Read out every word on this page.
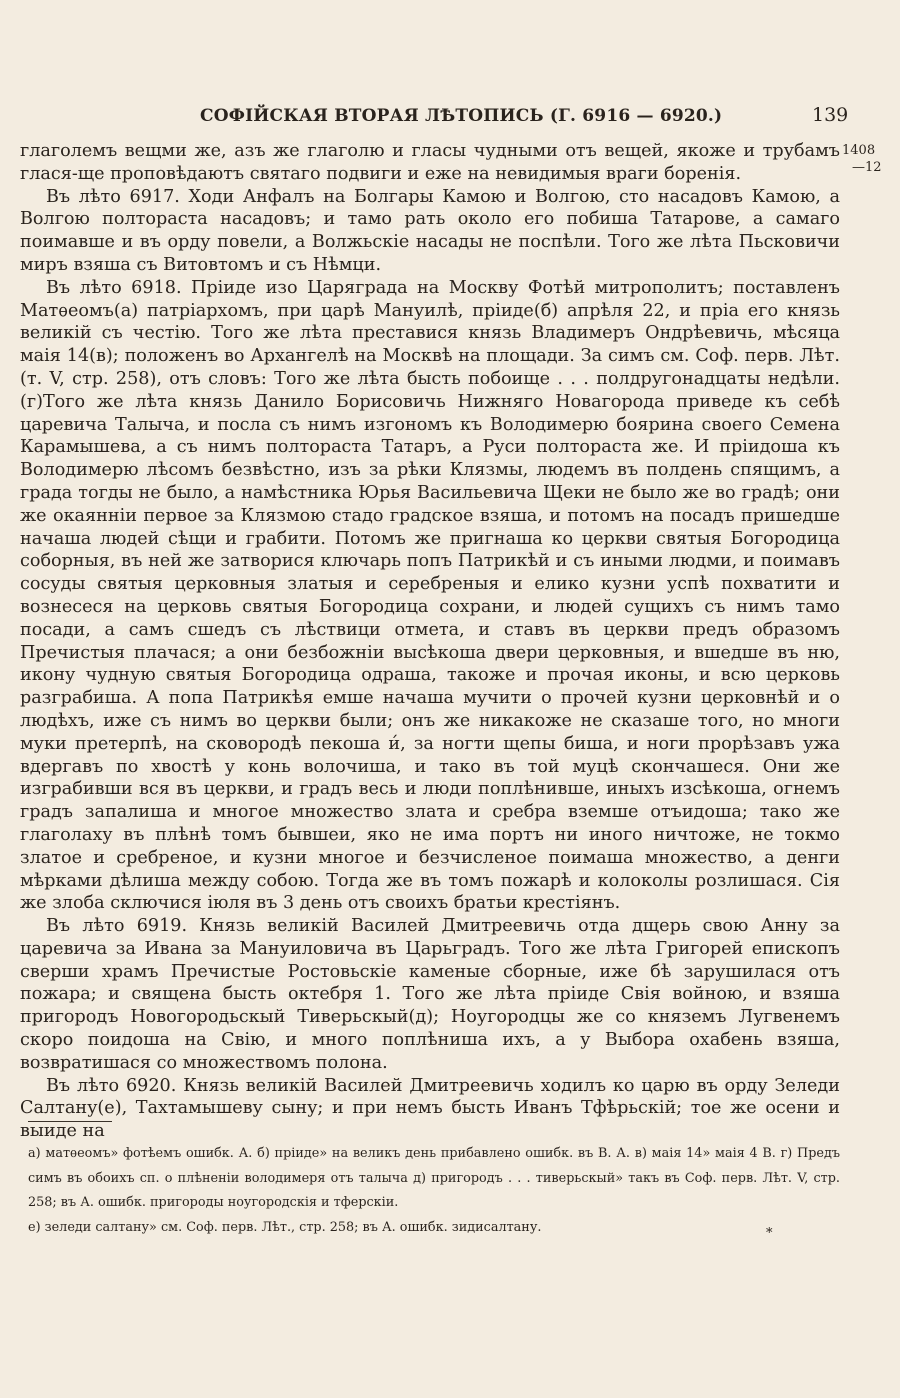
СОФІЙСКАЯ ВТОРАЯ ЛѢТОПИСЬ (Г. 6916 — 6920.)	139
1408
—12

глаголемъ вещми же, азъ же глаголю и гласы чудными отъ вещей, якоже и трубамъ глася-щe проповѣдаютъ святаго подвиги и еже на невидимыя враги боренія.

Въ лѣто 6917. Ходи Анфалъ на Болгары Камою и Волгою, сто насадовъ Камою, а Волгою полтораста насадовъ; и тамо рать около его побиша Татарове, а самаго поимавше и въ орду повели, а Волжьскіе насады не поспѣли. Того же лѣта Пьсковичи миръ взяша съ Витовтомъ и съ Нѣмци.

Въ лѣто 6918. Пріиде изо Царяграда на Москву Фотѣй митрополитъ; поставленъ Матѳеомъ(а) патріархомъ, при царѣ Мануилѣ, пріиде(б) апрѣля 22, и пріа его князь великій съ честію. Того же лѣта преставися князь Владимеръ Ондрѣевичь, мѣсяца маія 14(в); положенъ во Архангелѣ на Москвѣ на площади. За симъ см. Соф. перв. Лѣт. (т. V, стр. 258), отъ словъ: Того же лѣта бысть побоище . . . полдругонадцаты недѣли. (г)Того же лѣта князь Данило Борисовичь Нижняго Новагорода приведе къ себѣ царевича Талыча, и посла съ нимъ изгономъ къ Володимерю боярина своего Семена Карамышева, а съ нимъ полтораста Татаръ, а Руси полтораста же. И пріидоша къ Володимерю лѣсомъ безвѣстно, изъ за рѣки Клязмы, людемъ въ полдень спящимъ, а града тогды не было, а намѣстника Юрья Васильевича Щеки не было же во градѣ; они же окаяннiи первое за Клязмою стадо градское взяша, и потомъ на посадъ пришедше начаша людей сѣщи и грабити. Потомъ же пригнаша ко церкви святыя Богородица соборныя, въ ней же затворися ключарь попъ Патрикѣй и съ иными людми, и поимавъ сосуды святыя церковныя златыя и серебреныя и елико кузни успѣ похватити и вознесеся на церковь святыя Богородица сохрани, и людей сущихъ съ нимъ тамо посади, а самъ сшедъ съ лѣствици отмета, и ставъ въ церкви предъ образомъ Пречистыя плачася; а они безбожніи высѣкоша двери церковныя, и вшедше въ ню, икону чудную святыя Богородица одраша, такоже и прочая иконы, и всю церковь разграбиша. А попа Патрикѣя емше начаша мучити о прочей кузни церковнѣй и о людѣхъ, иже съ нимъ во церкви были; онъ же никакоже не сказаше того, но многи муки претерпѣ, на сковородѣ пекоша и́, за ногти щепы биша, и ноги прорѣзавъ ужа вдергавъ по хвостѣ у конь волочиша, и тако въ той муцѣ скончашеся. Они же изграбивши вся въ церкви, и градъ весь и люди поплѣнивше, иныхъ изсѣкоша, огнемъ градъ запалиша и многое множество злата и сребра вземше отъидоша; тако же глаголаху въ плѣнѣ томъ бывшеи, яко не има портъ ни иного ничтоже, не токмо златое и сребреное, и кузни многое и безчисленое поимаша множество, а денги мѣрками дѣлиша между собою. Тогда же въ томъ пожарѣ и колоколы розлишася. Сія же злоба сключися іюля въ 3 день отъ своихъ братьи крестіянъ.

Въ лѣто 6919. Князь великій Василей Дмитреевичь отда дщерь свою Анну за царевича за Ивана за Мануиловича въ Царьградъ. Того же лѣта Григорей епископъ сверши храмъ Пречистые Ростовьскіе каменые сборные, иже бѣ зарушилася отъ пожара; и священа бысть октебря 1. Того же лѣта пріиде Свія войною, и взяша пригородъ Новогородьскый Тиверьскый(д); Ноугородцы же со княземъ Лугвенемъ скоро поидоша на Свію, и много поплѣниша ихъ, а у Выбора охабень взяша, возвратишася со множествомъ полона.

Въ лѣто 6920. Князь великій Василей Дмитреевичь ходилъ ко царю въ орду Зеледи Салтану(е), Тахтамышеву сыну; и при немъ бысть Иванъ Тфѣрьскій; тое же осени и выиде на

а) матѳеомъ» фотѣемъ ошибк. А. б) пріиде» на великъ день прибавлено ошибк. въ В. А. в) маія 14» маія 4 В. г) Предъ симъ въ обоихъ сп. о плѣненіи володимеря отъ талыча д) пригородъ . . . тиверьскый» такъ въ Соф. перв. Лѣт. V, стр. 258; въ А. ошибк. пригороды ноугородскія и тферскіи.

е) зеледи салтану» см. Соф. перв. Лѣт., стр. 258; въ А. ошибк. зидисалтану.	*
